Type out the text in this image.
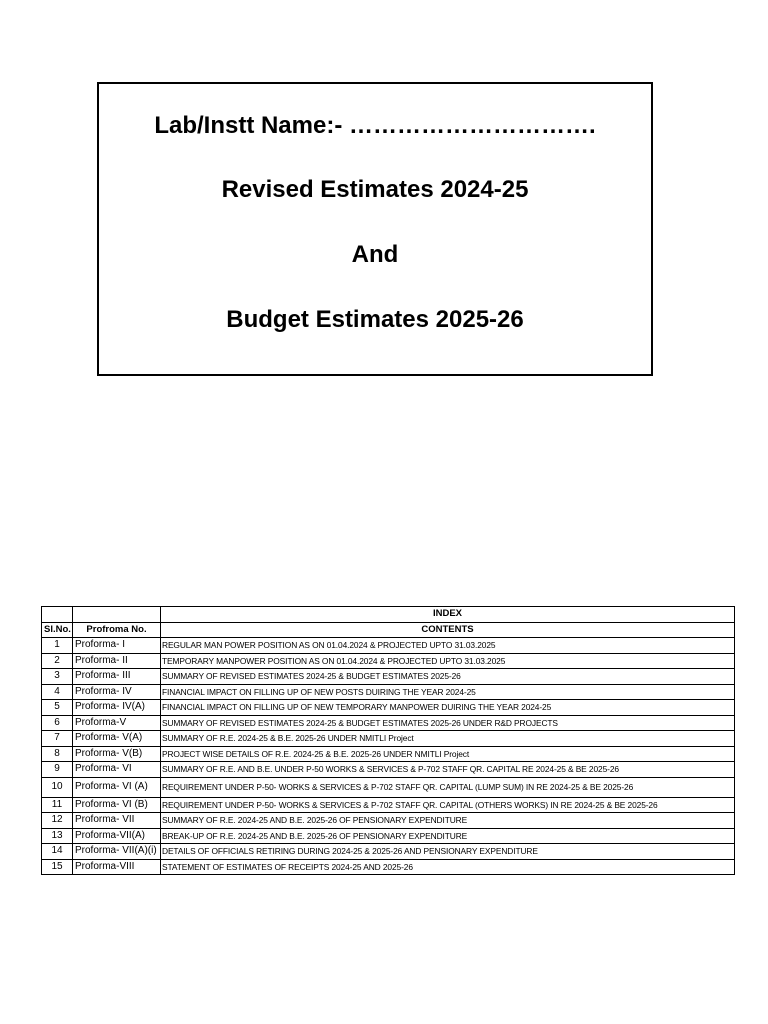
Lab/Instt Name:- ………………………….
Revised Estimates 2024-25
And
Budget Estimates 2025-26
		INDEX
Sl.No.	Profroma No.	CONTENTS
1	Proforma- I	REGULAR MAN POWER POSITION AS ON 01.04.2024 & PROJECTED UPTO 31.03.2025
2	Proforma- II	TEMPORARY MANPOWER POSITION AS ON 01.04.2024 & PROJECTED UPTO 31.03.2025
3	Proforma- III	SUMMARY OF REVISED ESTIMATES 2024-25 & BUDGET ESTIMATES 2025-26
4	Proforma- IV	FINANCIAL IMPACT ON FILLING UP OF NEW POSTS DUIRING THE YEAR 2024-25
5	Proforma- IV(A)	FINANCIAL IMPACT ON FILLING UP OF NEW TEMPORARY MANPOWER DUIRING THE YEAR 2024-25
6	Proforma-V	SUMMARY OF REVISED ESTIMATES 2024-25 & BUDGET ESTIMATES 2025-26 UNDER R&D PROJECTS
7	Proforma- V(A)	SUMMARY OF R.E. 2024-25 & B.E. 2025-26 UNDER NMITLI Project
8	Proforma- V(B)	PROJECT WISE DETAILS OF R.E. 2024-25 & B.E. 2025-26 UNDER NMITLI Project
9	Proforma- VI	SUMMARY OF R.E. AND B.E. UNDER P-50 WORKS & SERVICES & P-702 STAFF QR. CAPITAL RE 2024-25 & BE 2025-26
10	Proforma- VI (A)	REQUIREMENT UNDER P-50- WORKS & SERVICES & P-702 STAFF QR. CAPITAL (LUMP SUM) IN RE 2024-25 & BE 2025-26
11	Proforma- VI (B)	REQUIREMENT UNDER P-50- WORKS & SERVICES & P-702 STAFF QR. CAPITAL (OTHERS WORKS) IN RE 2024-25 & BE 2025-26
12	Proforma- VII	SUMMARY OF R.E. 2024-25 AND B.E. 2025-26 OF PENSIONARY EXPENDITURE
13	Proforma-VII(A)	BREAK-UP OF R.E. 2024-25 AND B.E. 2025-26 OF PENSIONARY EXPENDITURE
14	Proforma- VII(A)(i)	DETAILS OF OFFICIALS RETIRING DURING 2024-25 & 2025-26 AND PENSIONARY EXPENDITURE
15	Proforma-VIII	STATEMENT OF ESTIMATES OF RECEIPTS 2024-25 AND 2025-26
